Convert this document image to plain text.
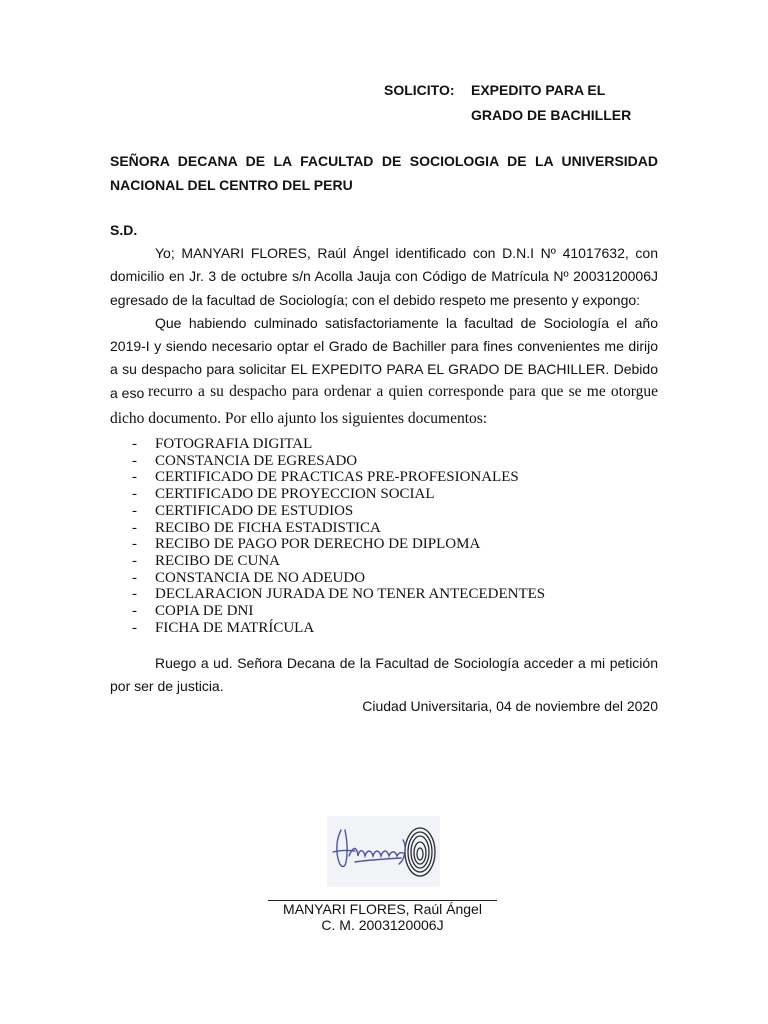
SOLICITO: EXPEDITO PARA EL
GRADO DE BACHILLER
SEÑORA DECANA DE LA FACULTAD DE SOCIOLOGIA DE LA UNIVERSIDAD
NACIONAL DEL CENTRO DEL PERU
S.D.
Yo; MANYARI FLORES, Raúl Ángel identificado con D.N.I Nº 41017632, con
domicilio en Jr. 3 de octubre s/n Acolla Jauja con Código de Matrícula Nº 2003120006J
egresado de la facultad de Sociología; con el debido respeto me presento y expongo:
Que habiendo culminado satisfactoriamente la facultad de Sociología el año
2019-I y siendo necesario optar el Grado de Bachiller para fines convenientes me dirijo
a su despacho para solicitar EL EXPEDITO PARA EL GRADO DE BACHILLER. Debido
a eso recurro a su despacho para ordenar a quien corresponde para que se me otorgue
dicho documento. Por ello ajunto los siguientes documentos:
- FOTOGRAFIA DIGITAL
- CONSTANCIA DE EGRESADO
- CERTIFICADO DE PRACTICAS PRE-PROFESIONALES
- CERTIFICADO DE PROYECCION SOCIAL
- CERTIFICADO DE ESTUDIOS
- RECIBO DE FICHA ESTADISTICA
- RECIBO DE PAGO POR DERECHO DE DIPLOMA
- RECIBO DE CUNA
- CONSTANCIA DE NO ADEUDO
- DECLARACION JURADA DE NO TENER ANTECEDENTES
- COPIA DE DNI
- FICHA DE MATRÍCULA
Ruego a ud. Señora Decana de la Facultad de Sociología acceder a mi petición
por ser de justicia.
Ciudad Universitaria, 04 de noviembre del 2020
MANYARI FLORES, Raúl Ángel
C. M. 2003120006J
